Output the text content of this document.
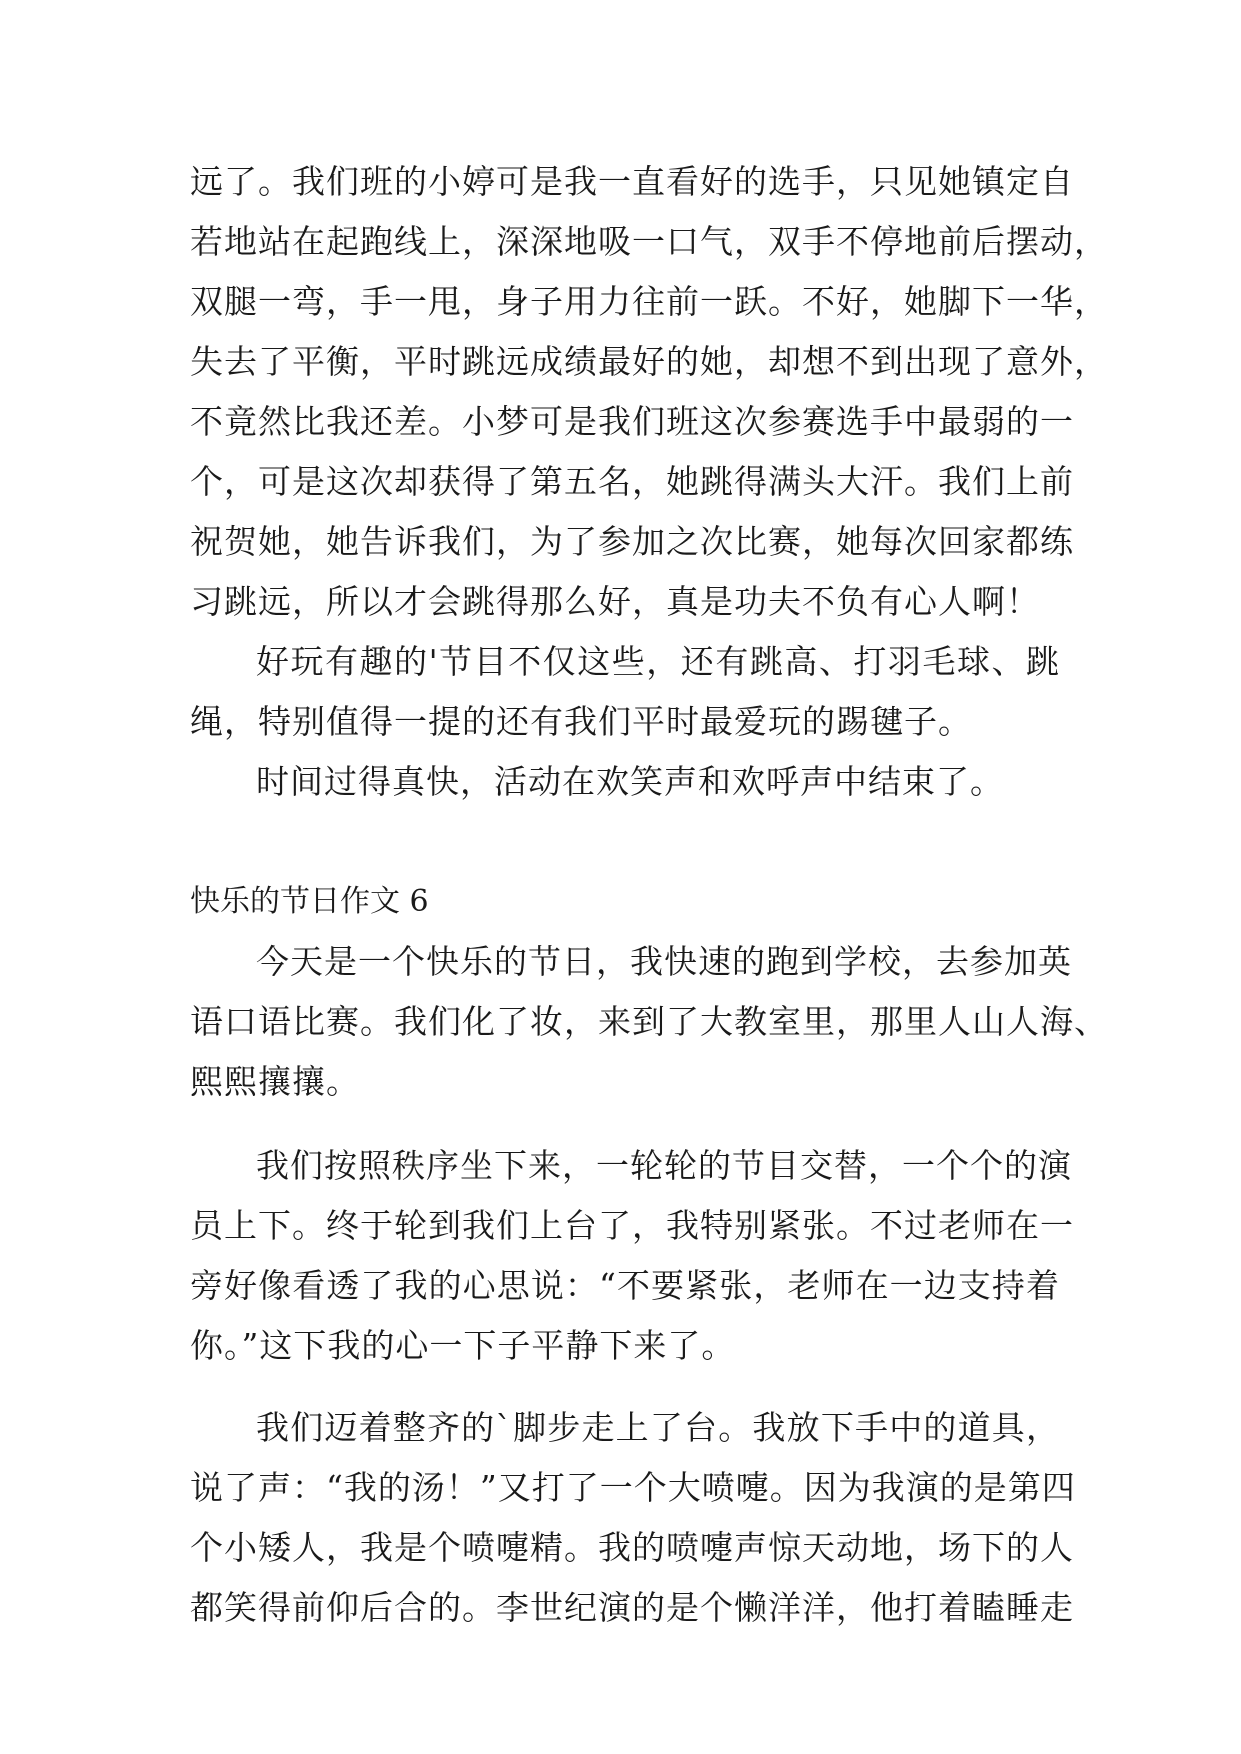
远了。我们班的小婷可是我一直看好的选手，只见她镇定自
若地站在起跑线上，深深地吸一口气，双手不停地前后摆动，
双腿一弯，手一甩，身子用力往前一跃。不好，她脚下一华，
失去了平衡，平时跳远成绩最好的她，却想不到出现了意外，
不竟然比我还差。小梦可是我们班这次参赛选手中最弱的一
个，可是这次却获得了第五名，她跳得满头大汗。我们上前
祝贺她，她告诉我们，为了参加之次比赛，她每次回家都练
习跳远，所以才会跳得那么好，真是功夫不负有心人啊！
好玩有趣的'节目不仅这些，还有跳高、打羽毛球、跳
绳，特别值得一提的还有我们平时最爱玩的踢毽子。
时间过得真快，活动在欢笑声和欢呼声中结束了。
快乐的节日作文 6
今天是一个快乐的节日，我快速的跑到学校，去参加英
语口语比赛。我们化了妆，来到了大教室里，那里人山人海、
熙熙攘攘。
我们按照秩序坐下来，一轮轮的节目交替，一个个的演
员上下。终于轮到我们上台了，我特别紧张。不过老师在一
旁好像看透了我的心思说：“不要紧张，老师在一边支持着
你。”这下我的心一下子平静下来了。
我们迈着整齐的`脚步走上了台。我放下手中的道具，
说了声：“我的汤！”又打了一个大喷嚏。因为我演的是第四
个小矮人，我是个喷嚏精。我的喷嚏声惊天动地，场下的人
都笑得前仰后合的。李世纪演的是个懒洋洋，他打着瞌睡走
